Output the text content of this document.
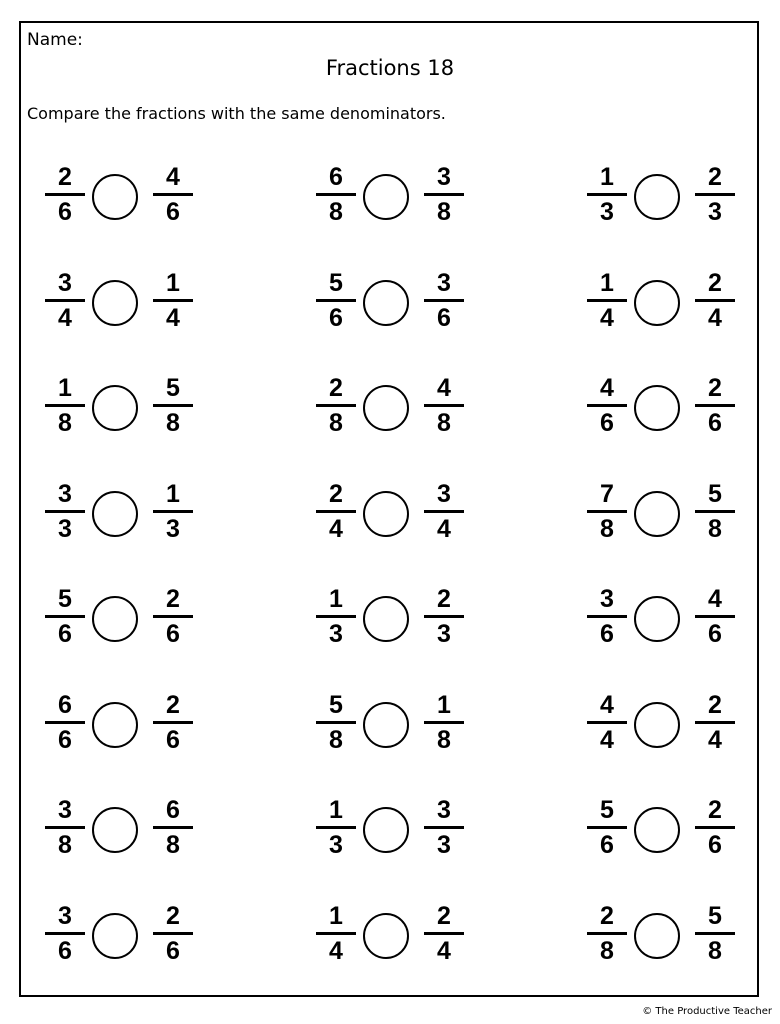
Name:
Fractions 18
Compare the fractions with the same denominators.
2
6
4
6
6
8
3
8
1
3
2
3
3
4
1
4
5
6
3
6
1
4
2
4
1
8
5
8
2
8
4
8
4
6
2
6
3
3
1
3
2
4
3
4
7
8
5
8
5
6
2
6
1
3
2
3
3
6
4
6
6
6
2
6
5
8
1
8
4
4
2
4
3
8
6
8
1
3
3
3
5
6
2
6
3
6
2
6
1
4
2
4
2
8
5
8
© The Productive Teacher
